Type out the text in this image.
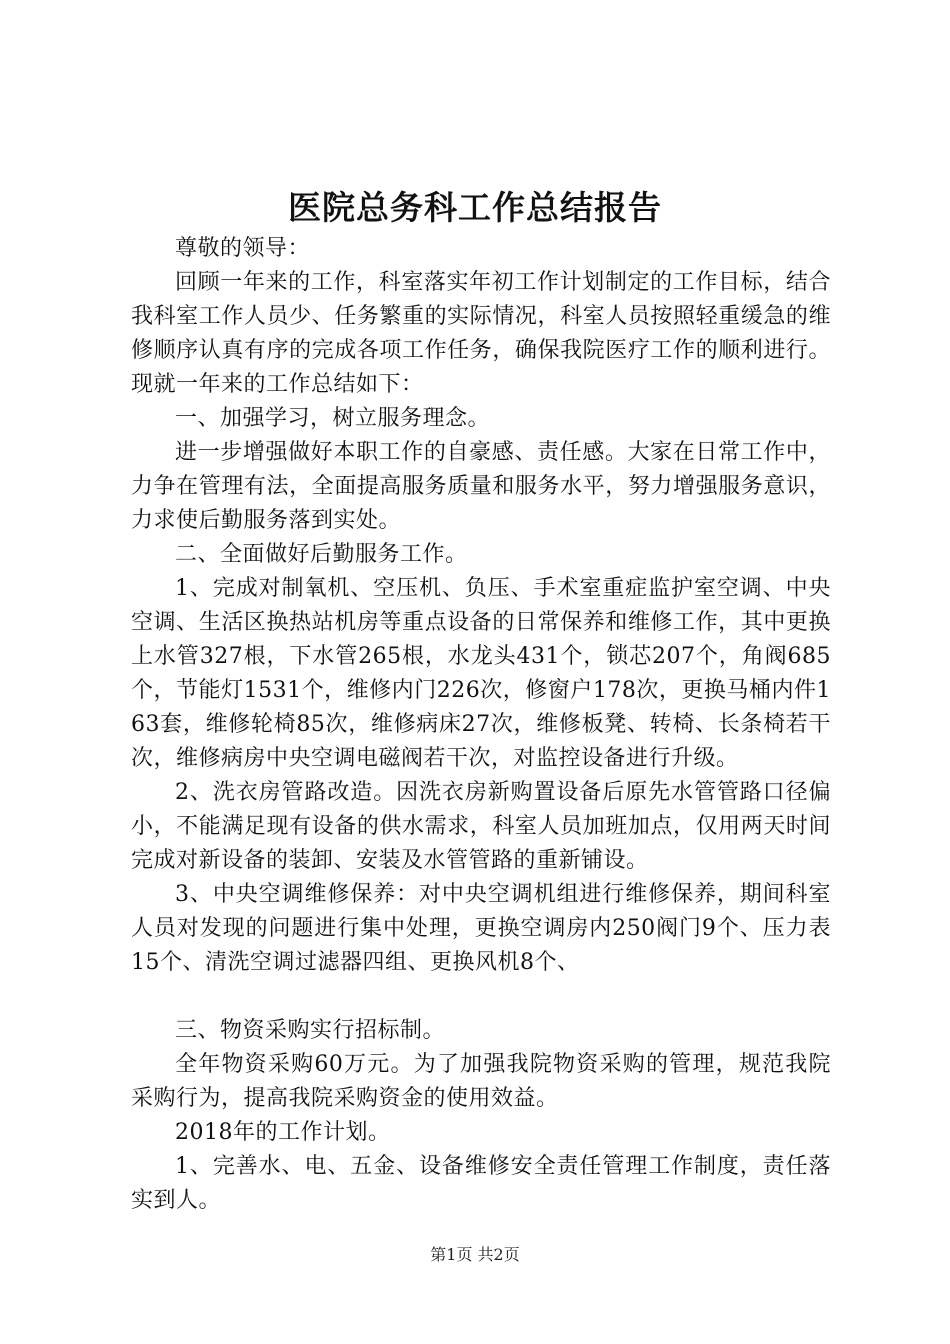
医院总务科工作总结报告

尊敬的领导：

回顾一年来的工作，科室落实年初工作计划制定的工作目标，结合我科室工作人员少、任务繁重的实际情况，科室人员按照轻重缓急的维修顺序认真有序的完成各项工作任务，确保我院医疗工作的顺利进行。现就一年来的工作总结如下：

一、加强学习，树立服务理念。

进一步增强做好本职工作的自豪感、责任感。大家在日常工作中，力争在管理有法，全面提高服务质量和服务水平，努力增强服务意识，力求使后勤服务落到实处。

二、全面做好后勤服务工作。

1、完成对制氧机、空压机、负压、手术室重症监护室空调、中央空调、生活区换热站机房等重点设备的日常保养和维修工作，其中更换上水管327根，下水管265根，水龙头431个，锁芯207个，角阀685个，节能灯1531个，维修内门226次，修窗户178次，更换马桶内件163套，维修轮椅85次，维修病床27次，维修板凳、转椅、长条椅若干次，维修病房中央空调电磁阀若干次，对监控设备进行升级。

2、洗衣房管路改造。因洗衣房新购置设备后原先水管管路口径偏小，不能满足现有设备的供水需求，科室人员加班加点，仅用两天时间完成对新设备的装卸、安装及水管管路的重新铺设。

3、中央空调维修保养：对中央空调机组进行维修保养，期间科室人员对发现的问题进行集中处理，更换空调房内250阀门9个、压力表15个、清洗空调过滤器四组、更换风机8个、

三、物资采购实行招标制。

全年物资采购60万元。为了加强我院物资采购的管理，规范我院采购行为，提高我院采购资金的使用效益。

2018年的工作计划。

1、完善水、电、五金、设备维修安全责任管理工作制度，责任落实到人。

第1页 共2页
